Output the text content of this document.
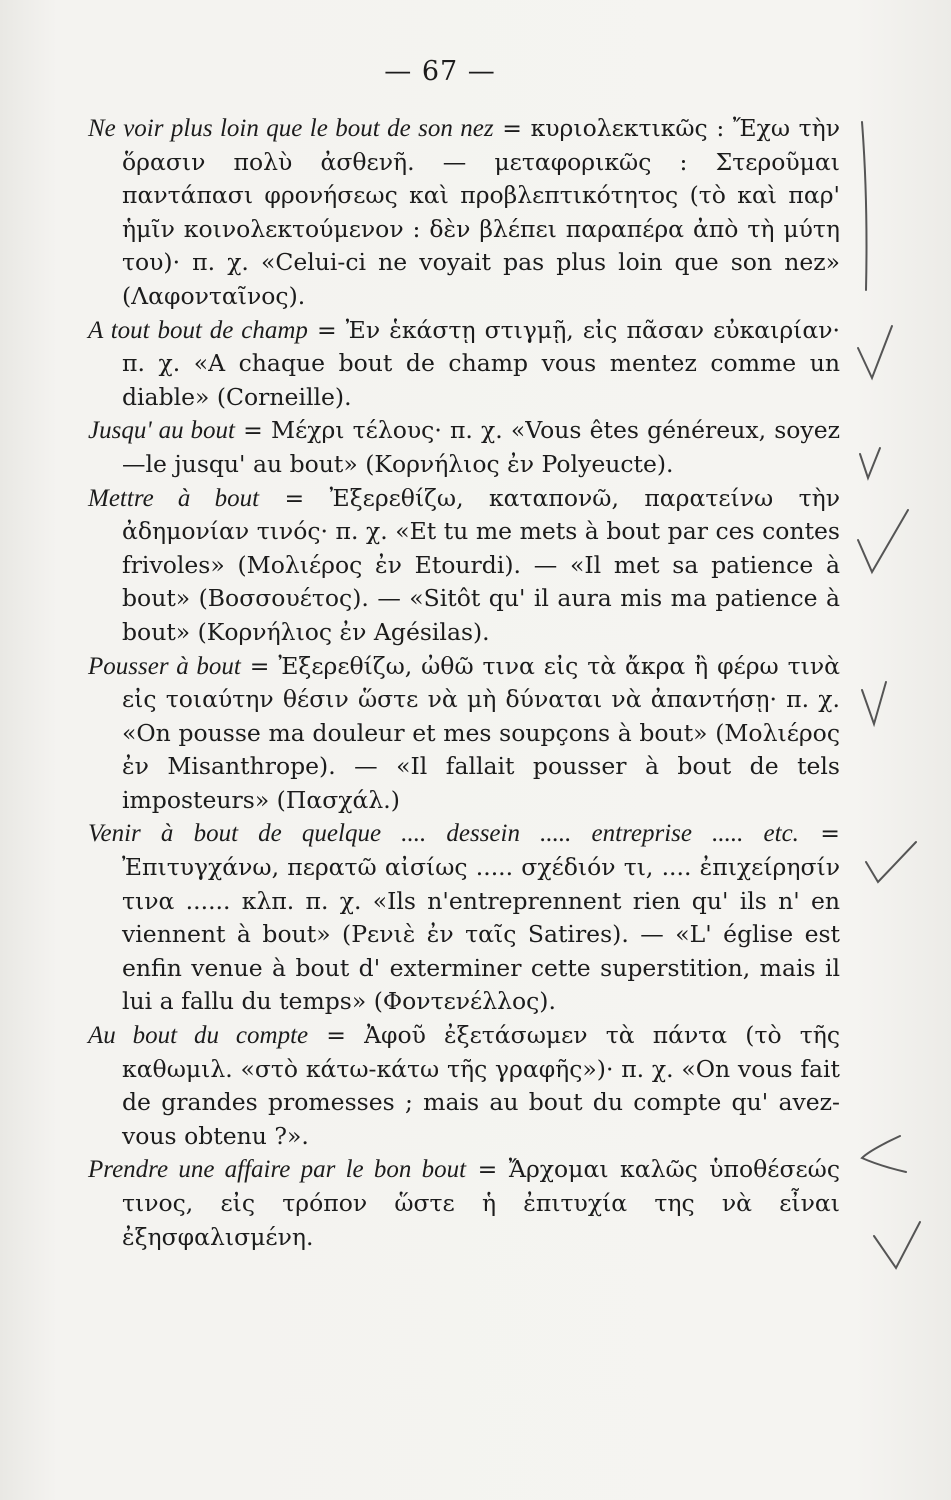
— 67 —

Ne voir plus loin que le bout de son nez = κυριολεκτικῶς : Ἔχω τὴν ὅρασιν πολὺ ἀσθενῆ. — μεταφορικῶς : Στεροῦμαι παντάπασι φρονήσεως καὶ προβλεπτικότητος (τὸ καὶ παρ' ἡμῖν κοινολεκτούμενον : δὲν βλέπει παραπέρα ἀπὸ τὴ μύτη του)· π. χ. «Celui-ci ne voyait pas plus loin que son nez» (Λαφονταῖνος).

A tout bout de champ = Ἐν ἑκάστῃ στιγμῇ, εἰς πᾶσαν εὐκαιρίαν· π. χ. «A chaque bout de champ vous mentez comme un diable» (Corneille).

Jusqu' au bout = Μέχρι τέλους· π. χ. «Vous êtes généreux, soyez—le jusqu' au bout» (Κορνήλιος ἐν Polyeucte).

Mettre à bout = Ἐξερεθίζω, καταπονῶ, παρατείνω τὴν ἀδημονίαν τινός· π. χ. «Et tu me mets à bout par ces contes frivoles» (Μολιέρος ἐν Etourdi). — «Il met sa patience à bout» (Βοσσουέτος). — «Sitôt qu' il aura mis ma patience à bout» (Κορνήλιος ἐν Agésilas).

Pousser à bout = Ἐξερεθίζω, ὠθῶ τινα εἰς τὰ ἄκρα ἢ φέρω τινὰ εἰς τοιαύτην θέσιν ὥστε νὰ μὴ δύναται νὰ ἀπαντήσῃ· π. χ. «On pousse ma douleur et mes soupçons à bout» (Μολιέρος ἐν Misanthrope). — «Il fallait pousser à bout de tels imposteurs» (Πασχάλ.)

Venir à bout de quelque .... dessein ..... entreprise ..... etc. = Ἐπιτυγχάνω, περατῶ αἰσίως ..... σχέδιόν τι, .... ἐπιχείρησίν τινα ...... κλπ. π. χ. «Ils n'entreprennent rien qu' ils n' en viennent à bout» (Ρενιὲ ἐν ταῖς Satires). — «L' église est enfin venue à bout d' exterminer cette superstition, mais il lui a fallu du temps» (Φοντενέλλος).

Au bout du compte = Ἀφοῦ ἐξετάσωμεν τὰ πάντα (τὸ τῆς καθωμιλ. «στὸ κάτω-κάτω τῆς γραφῆς»)· π. χ. «On vous fait de grandes promesses ; mais au bout du compte qu' avez-vous obtenu ?».

Prendre une affaire par le bon bout = Ἄρχομαι καλῶς ὑποθέσεώς τινος, εἰς τρόπον ὥστε ἡ ἐπιτυχία της νὰ εἶναι ἐξησφαλισμένη.
